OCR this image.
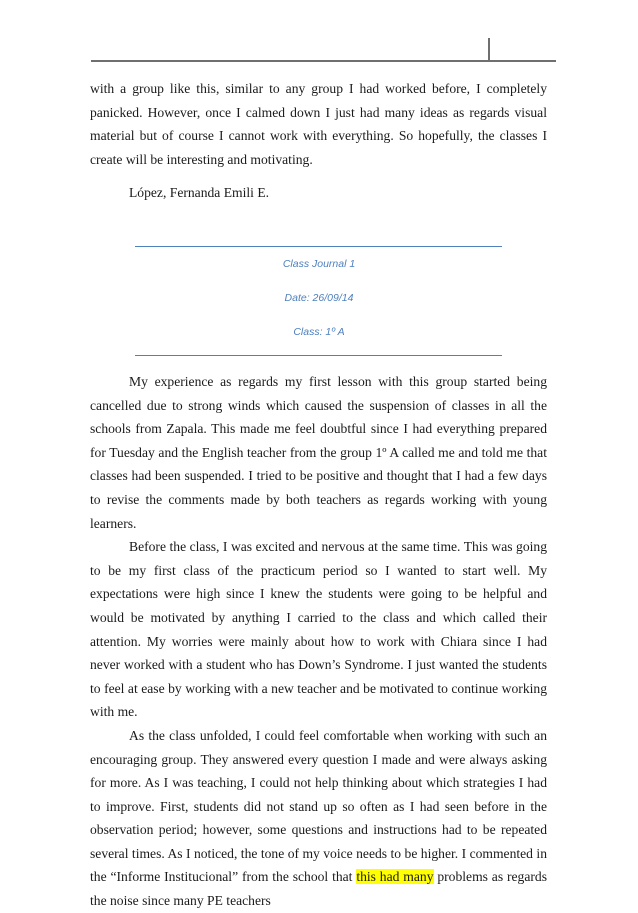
with a group like this, similar to any group I had worked before, I completely panicked. However, once I calmed down I just had many ideas as regards visual material but of course I cannot work with everything. So hopefully, the classes I create will be interesting and motivating.

López, Fernanda Emili E.
Class Journal 1
Date: 26/09/14
Class: 1º A

My experience as regards my first lesson with this group started being cancelled due to strong winds which caused the suspension of classes in all the schools from Zapala. This made me feel doubtful since I had everything prepared for Tuesday and the English teacher from the group 1º A called me and told me that classes had been suspended. I tried to be positive and thought that I had a few days to revise the comments made by both teachers as regards working with young learners.

Before the class, I was excited and nervous at the same time. This was going to be my first class of the practicum period so I wanted to start well. My expectations were high since I knew the students were going to be helpful and would be motivated by anything I carried to the class and which called their attention. My worries were mainly about how to work with Chiara since I had never worked with a student who has Down’s Syndrome. I just wanted the students to feel at ease by working with a new teacher and be motivated to continue working with me.

As the class unfolded, I could feel comfortable when working with such an encouraging group. They answered every question I made and were always asking for more. As I was teaching, I could not help thinking about which strategies I had to improve. First, students did not stand up so often as I had seen before in the observation period; however, some questions and instructions had to be repeated several times. As I noticed, the tone of my voice needs to be higher. I commented in the “Informe Institucional” from the school that this had many problems as regards the noise since many PE teachers
